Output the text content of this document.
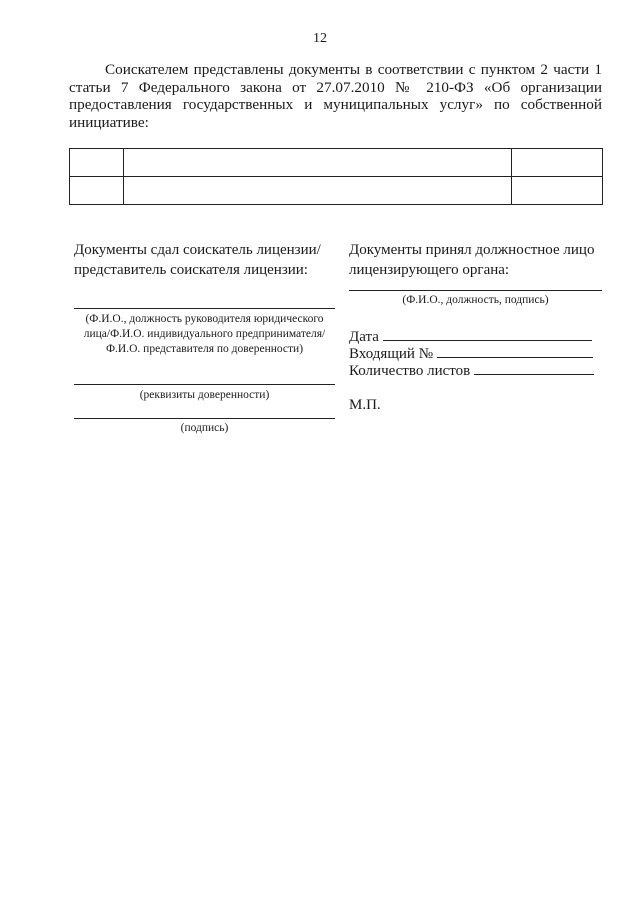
12
Соискателем представлены документы в соответствии с пунктом 2 части 1 статьи 7 Федерального закона от 27.07.2010 № 210-ФЗ «Об организации предоставления государственных и муниципальных услуг» по собственной инициативе:

Документы сдал соискатель лицензии/представитель соискателя лицензии:
(Ф.И.О., должность руководителя юридического лица/Ф.И.О. индивидуального предпринимателя/ Ф.И.О. представителя по доверенности)
(реквизиты доверенности)
(подпись)
Документы принял должностное лицо лицензирующего органа:
(Ф.И.О., должность, подпись)
Дата
Входящий №
Количество листов
М.П.
